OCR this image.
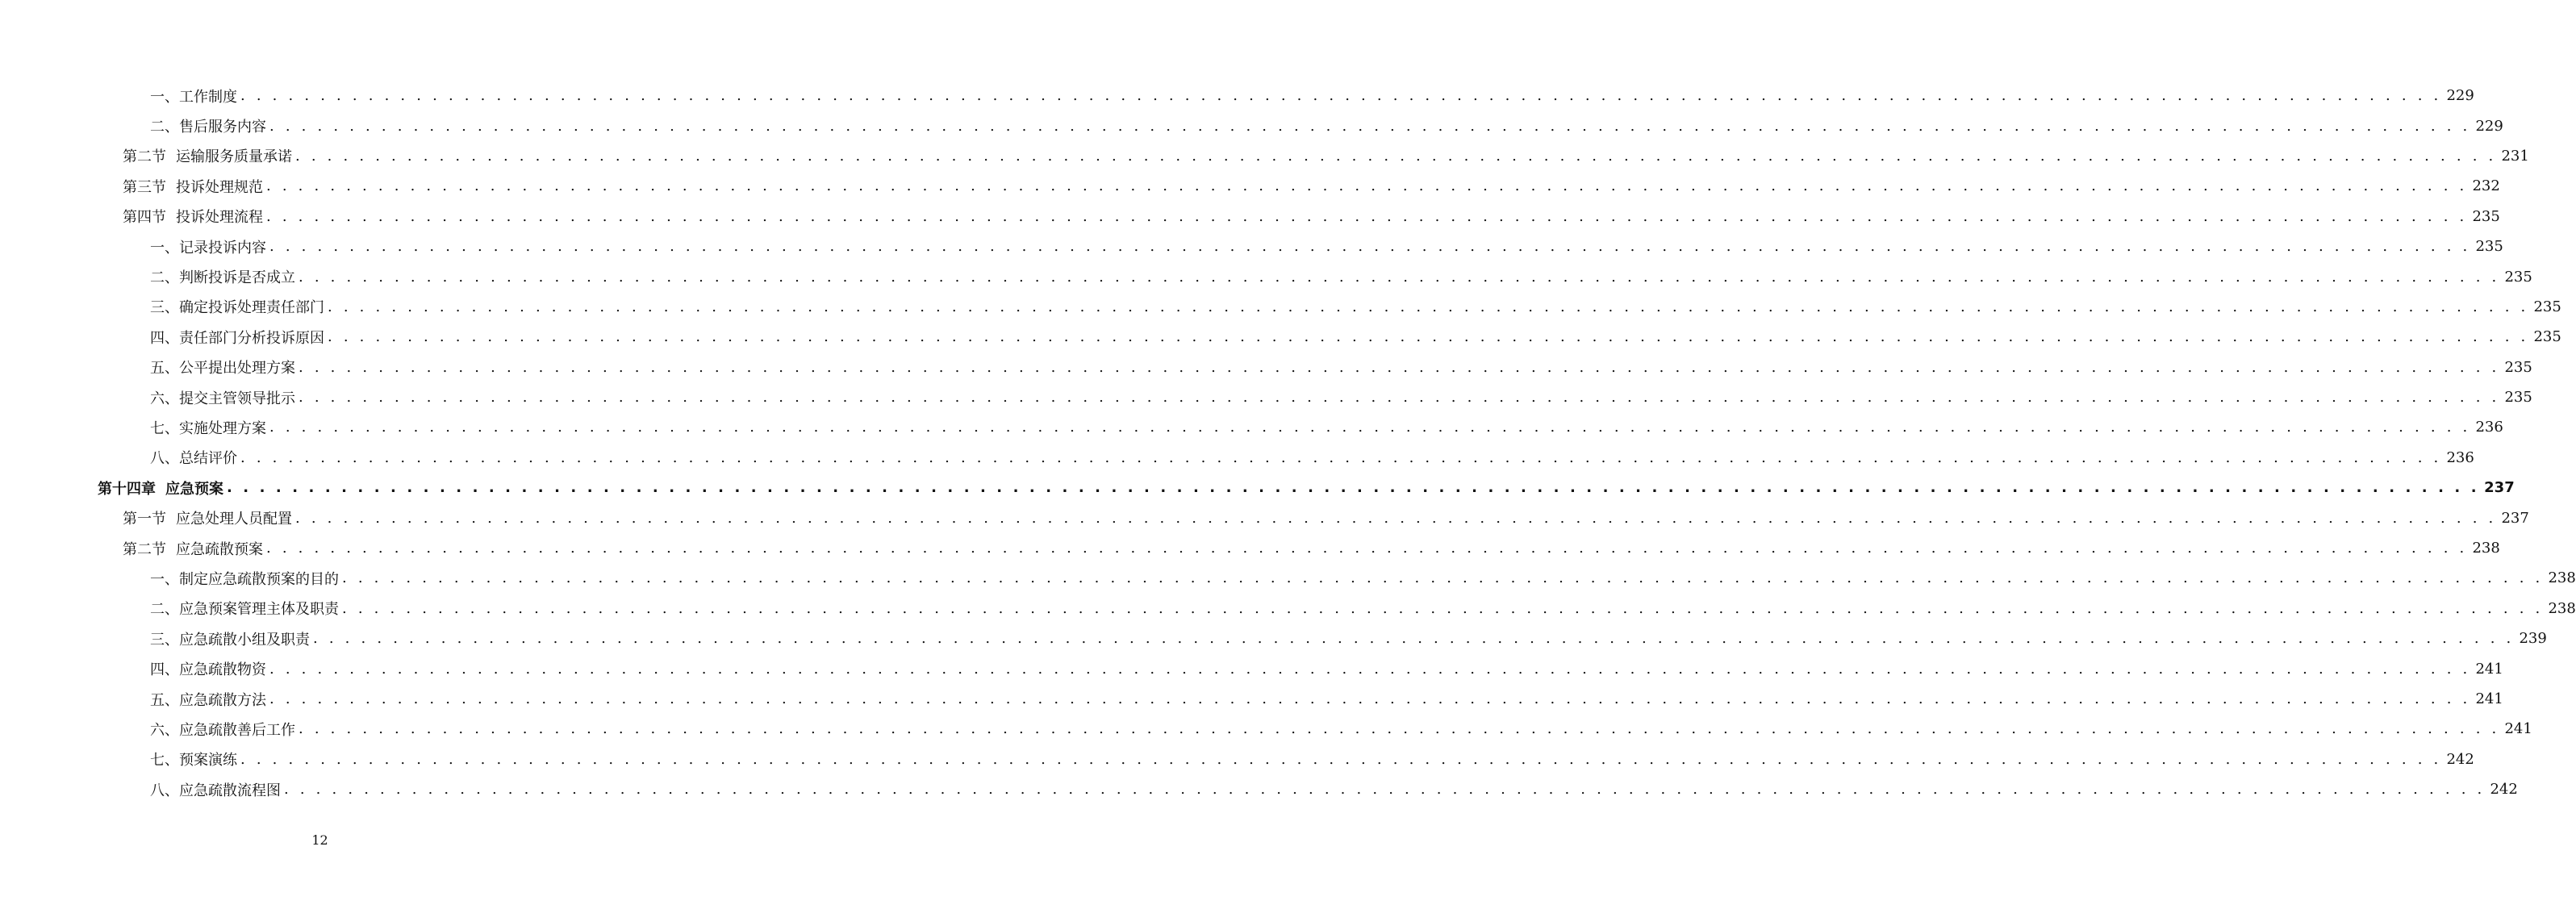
一、工作制度 . . . . . . . . . . . . . . . . . . . . . . . . . . . . . . . . . . . . . . . . . . . . . . . . . . . . . . . . . . . . . . . . . . . . . . . . . . . . . . . . . . . . . . . . . . . . . . . . . . . . . . . . . . . . . . . . . . . . . . . . . . . . . . . . . . . . . . . . . . 229
二、售后服务内容 . . . . . . . . . . . . . . . . . . . . . . . . . . . . . . . . . . . . . . . . . . . . . . . . . . . . . . . . . . . . . . . . . . . . . . . . . . . . . . . . . . . . . . . . . . . . . . . . . . . . . . . . . . . . . . . . . . . . . . . . . . . . . . . . . . . . . . . . . . 229
第二节 运输服务质量承诺 . . . . . . . . . . . . . . . . . . . . . . . . . . . . . . . . . . . . . . . . . . . . . . . . . . . . . . . . . . . . . . . . . . . . . . . . . . . . . . . . . . . . . . . . . . . . . . . . . . . . . . . . . . . . . . . . . . . . . . . . . . . . . . . . . . . . . . . . . . 231
第三节 投诉处理规范 . . . . . . . . . . . . . . . . . . . . . . . . . . . . . . . . . . . . . . . . . . . . . . . . . . . . . . . . . . . . . . . . . . . . . . . . . . . . . . . . . . . . . . . . . . . . . . . . . . . . . . . . . . . . . . . . . . . . . . . . . . . . . . . . . . . . . . . . . . 232
第四节 投诉处理流程 . . . . . . . . . . . . . . . . . . . . . . . . . . . . . . . . . . . . . . . . . . . . . . . . . . . . . . . . . . . . . . . . . . . . . . . . . . . . . . . . . . . . . . . . . . . . . . . . . . . . . . . . . . . . . . . . . . . . . . . . . . . . . . . . . . . . . . . . . . 235
一、记录投诉内容 . . . . . . . . . . . . . . . . . . . . . . . . . . . . . . . . . . . . . . . . . . . . . . . . . . . . . . . . . . . . . . . . . . . . . . . . . . . . . . . . . . . . . . . . . . . . . . . . . . . . . . . . . . . . . . . . . . . . . . . . . . . . . . . . . . . . . . . . . . 235
二、判断投诉是否成立 . . . . . . . . . . . . . . . . . . . . . . . . . . . . . . . . . . . . . . . . . . . . . . . . . . . . . . . . . . . . . . . . . . . . . . . . . . . . . . . . . . . . . . . . . . . . . . . . . . . . . . . . . . . . . . . . . . . . . . . . . . . . . . . . . . . . . . . . . . 235
三、确定投诉处理责任部门 . . . . . . . . . . . . . . . . . . . . . . . . . . . . . . . . . . . . . . . . . . . . . . . . . . . . . . . . . . . . . . . . . . . . . . . . . . . . . . . . . . . . . . . . . . . . . . . . . . . . . . . . . . . . . . . . . . . . . . . . . . . . . . . . . . . . . . . . . . 235
四、责任部门分析投诉原因 . . . . . . . . . . . . . . . . . . . . . . . . . . . . . . . . . . . . . . . . . . . . . . . . . . . . . . . . . . . . . . . . . . . . . . . . . . . . . . . . . . . . . . . . . . . . . . . . . . . . . . . . . . . . . . . . . . . . . . . . . . . . . . . . . . . . . . . . . . 235
五、公平提出处理方案 . . . . . . . . . . . . . . . . . . . . . . . . . . . . . . . . . . . . . . . . . . . . . . . . . . . . . . . . . . . . . . . . . . . . . . . . . . . . . . . . . . . . . . . . . . . . . . . . . . . . . . . . . . . . . . . . . . . . . . . . . . . . . . . . . . . . . . . . . . 235
六、提交主管领导批示 . . . . . . . . . . . . . . . . . . . . . . . . . . . . . . . . . . . . . . . . . . . . . . . . . . . . . . . . . . . . . . . . . . . . . . . . . . . . . . . . . . . . . . . . . . . . . . . . . . . . . . . . . . . . . . . . . . . . . . . . . . . . . . . . . . . . . . . . . . 235
七、实施处理方案 . . . . . . . . . . . . . . . . . . . . . . . . . . . . . . . . . . . . . . . . . . . . . . . . . . . . . . . . . . . . . . . . . . . . . . . . . . . . . . . . . . . . . . . . . . . . . . . . . . . . . . . . . . . . . . . . . . . . . . . . . . . . . . . . . . . . . . . . . . 236
八、总结评价 . . . . . . . . . . . . . . . . . . . . . . . . . . . . . . . . . . . . . . . . . . . . . . . . . . . . . . . . . . . . . . . . . . . . . . . . . . . . . . . . . . . . . . . . . . . . . . . . . . . . . . . . . . . . . . . . . . . . . . . . . . . . . . . . . . . . . . . . . . 236
第十四章 应急预案 . . . . . . . . . . . . . . . . . . . . . . . . . . . . . . . . . . . . . . . . . . . . . . . . . . . . . . . . . . . . . . . . . . . . . . . . . . . . . . . . . . . . . . . . . . . . . . . . . . . . . . . . . . . . . . . . . . . . . . . . . . . . . . . . . . . . . . . . . . 237
第一节 应急处理人员配置 . . . . . . . . . . . . . . . . . . . . . . . . . . . . . . . . . . . . . . . . . . . . . . . . . . . . . . . . . . . . . . . . . . . . . . . . . . . . . . . . . . . . . . . . . . . . . . . . . . . . . . . . . . . . . . . . . . . . . . . . . . . . . . . . . . . . . . . . . . 237
第二节 应急疏散预案 . . . . . . . . . . . . . . . . . . . . . . . . . . . . . . . . . . . . . . . . . . . . . . . . . . . . . . . . . . . . . . . . . . . . . . . . . . . . . . . . . . . . . . . . . . . . . . . . . . . . . . . . . . . . . . . . . . . . . . . . . . . . . . . . . . . . . . . . . . 238
一、制定应急疏散预案的目的 . . . . . . . . . . . . . . . . . . . . . . . . . . . . . . . . . . . . . . . . . . . . . . . . . . . . . . . . . . . . . . . . . . . . . . . . . . . . . . . . . . . . . . . . . . . . . . . . . . . . . . . . . . . . . . . . . . . . . . . . . . . . . . . . . . . . . . . . . . 238
二、应急预案管理主体及职责 . . . . . . . . . . . . . . . . . . . . . . . . . . . . . . . . . . . . . . . . . . . . . . . . . . . . . . . . . . . . . . . . . . . . . . . . . . . . . . . . . . . . . . . . . . . . . . . . . . . . . . . . . . . . . . . . . . . . . . . . . . . . . . . . . . . . . . . . . . 238
三、应急疏散小组及职责 . . . . . . . . . . . . . . . . . . . . . . . . . . . . . . . . . . . . . . . . . . . . . . . . . . . . . . . . . . . . . . . . . . . . . . . . . . . . . . . . . . . . . . . . . . . . . . . . . . . . . . . . . . . . . . . . . . . . . . . . . . . . . . . . . . . . . . . . . . 239
四、应急疏散物资 . . . . . . . . . . . . . . . . . . . . . . . . . . . . . . . . . . . . . . . . . . . . . . . . . . . . . . . . . . . . . . . . . . . . . . . . . . . . . . . . . . . . . . . . . . . . . . . . . . . . . . . . . . . . . . . . . . . . . . . . . . . . . . . . . . . . . . . . . . 241
五、应急疏散方法 . . . . . . . . . . . . . . . . . . . . . . . . . . . . . . . . . . . . . . . . . . . . . . . . . . . . . . . . . . . . . . . . . . . . . . . . . . . . . . . . . . . . . . . . . . . . . . . . . . . . . . . . . . . . . . . . . . . . . . . . . . . . . . . . . . . . . . . . . . 241
六、应急疏散善后工作 . . . . . . . . . . . . . . . . . . . . . . . . . . . . . . . . . . . . . . . . . . . . . . . . . . . . . . . . . . . . . . . . . . . . . . . . . . . . . . . . . . . . . . . . . . . . . . . . . . . . . . . . . . . . . . . . . . . . . . . . . . . . . . . . . . . . . . . . . . 241
七、预案演练 . . . . . . . . . . . . . . . . . . . . . . . . . . . . . . . . . . . . . . . . . . . . . . . . . . . . . . . . . . . . . . . . . . . . . . . . . . . . . . . . . . . . . . . . . . . . . . . . . . . . . . . . . . . . . . . . . . . . . . . . . . . . . . . . . . . . . . . . . . 242
八、应急疏散流程图 . . . . . . . . . . . . . . . . . . . . . . . . . . . . . . . . . . . . . . . . . . . . . . . . . . . . . . . . . . . . . . . . . . . . . . . . . . . . . . . . . . . . . . . . . . . . . . . . . . . . . . . . . . . . . . . . . . . . . . . . . . . . . . . . . . . . . . . . . . 242
12
